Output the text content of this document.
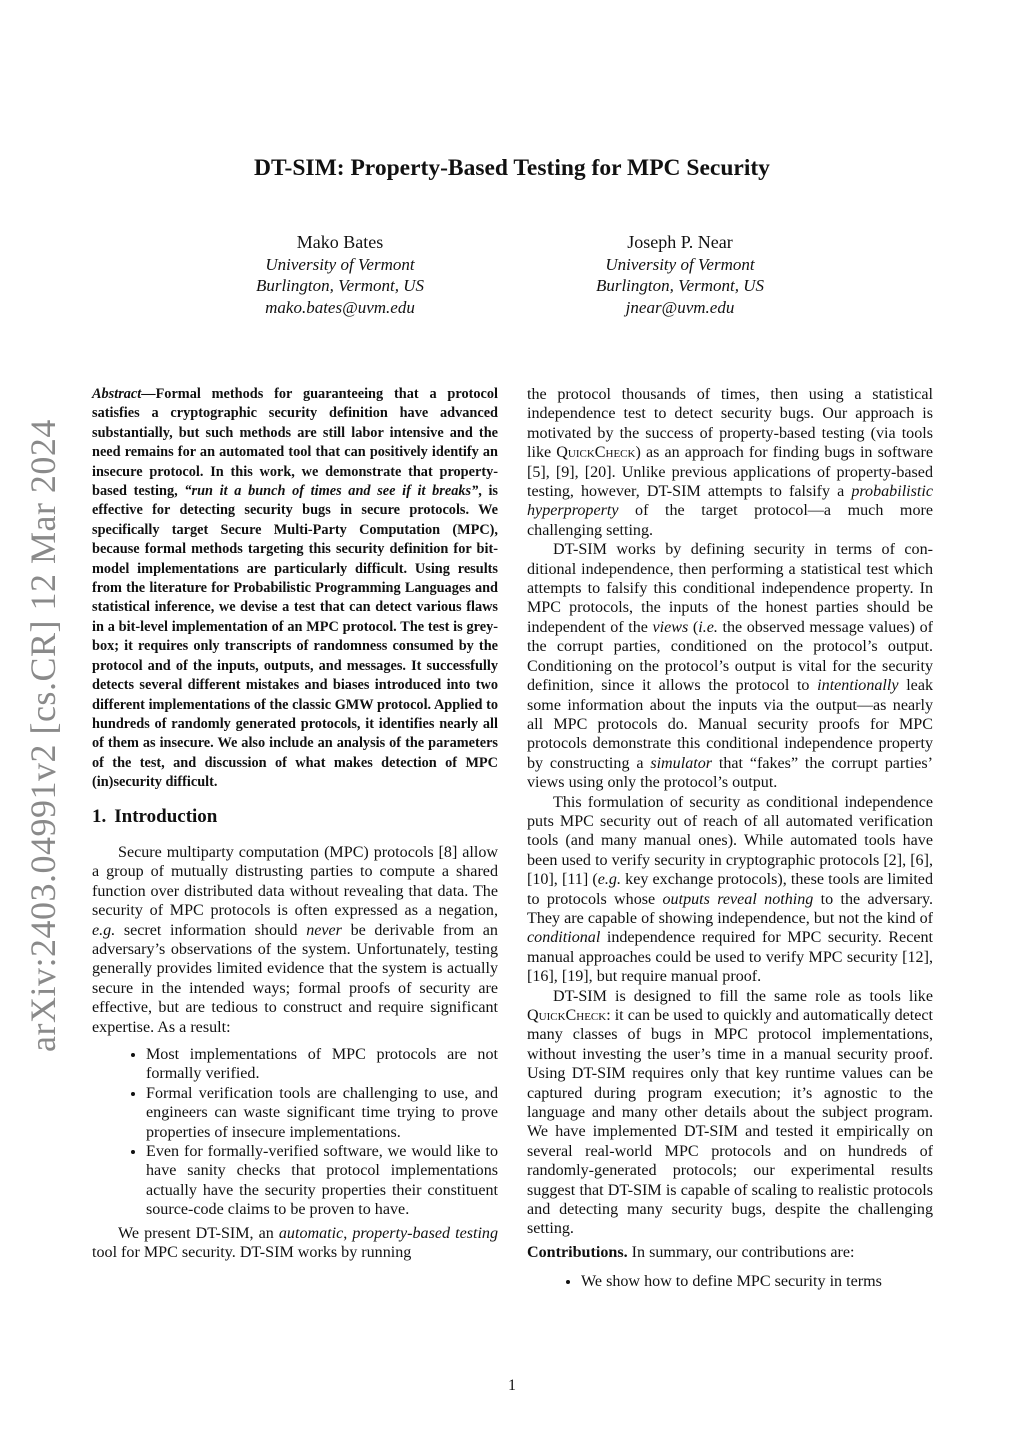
arXiv:2403.04991v2 [cs.CR] 12 Mar 2024
DT-SIM: Property-Based Testing for MPC Security
Mako Bates
University of Vermont
Burlington, Vermont, US
mako.bates@uvm.edu
Joseph P. Near
University of Vermont
Burlington, Vermont, US
jnear@uvm.edu

Abstract—Formal methods for guaranteeing that a protocol satisfies a cryptographic security definition have advanced substantially, but such methods are still labor intensive and the need remains for an automated tool that can positively identify an insecure protocol. In this work, we demonstrate that property-based testing, “run it a bunch of times and see if it breaks”, is effective for detecting security bugs in secure protocols. We specifically target Secure Multi-Party Computation (MPC), because formal methods targeting this security definition for bit-model implementations are particularly difficult. Using results from the literature for Probabilistic Programming Languages and statistical inference, we devise a test that can detect various flaws in a bit-level implementation of an MPC protocol. The test is grey-box; it requires only transcripts of randomness consumed by the protocol and of the inputs, outputs, and messages. It successfully detects several different mistakes and biases introduced into two different implementations of the classic GMW protocol. Applied to hundreds of randomly generated protocols, it identifies nearly all of them as insecure. We also include an analysis of the parameters of the test, and discussion of what makes detection of MPC (in)security difficult.

1. Introduction

Secure multiparty computation (MPC) protocols [8] allow a group of mutually distrusting parties to compute a shared function over distributed data without revealing that data. The security of MPC protocols is often expressed as a negation, e.g. secret information should never be derivable from an adversary’s observations of the system. Unfortunately, testing generally provides limited evidence that the system is actually secure in the intended ways; formal proofs of security are effective, but are tedious to construct and require significant expertise. As a result:

• Most implementations of MPC protocols are not formally verified.
• Formal verification tools are challenging to use, and engineers can waste significant time trying to prove properties of insecure implementations.
• Even for formally-verified software, we would like to have sanity checks that protocol implementations actually have the security properties their constituent source-code claims to be proven to have.

We present DT-SIM, an automatic, property-based testing tool for MPC security. DT-SIM works by running

the protocol thousands of times, then using a statistical independence test to detect security bugs. Our approach is motivated by the success of property-based testing (via tools like QuickCheck) as an approach for finding bugs in software [5], [9], [20]. Unlike previous applications of property-based testing, however, DT-SIM attempts to falsify a probabilistic hyperproperty of the target protocol—a much more challenging setting.

DT-SIM works by defining security in terms of conditional independence, then performing a statistical test which attempts to falsify this conditional independence property. In MPC protocols, the inputs of the honest parties should be independent of the views (i.e. the observed message values) of the corrupt parties, conditioned on the protocol’s output. Conditioning on the protocol’s output is vital for the security definition, since it allows the protocol to intentionally leak some information about the inputs via the output—as nearly all MPC protocols do. Manual security proofs for MPC protocols demonstrate this conditional independence property by constructing a simulator that “fakes” the corrupt parties’ views using only the protocol’s output.

This formulation of security as conditional independence puts MPC security out of reach of all automated verification tools (and many manual ones). While automated tools have been used to verify security in cryptographic protocols [2], [6], [10], [11] (e.g. key exchange protocols), these tools are limited to protocols whose outputs reveal nothing to the adversary. They are capable of showing independence, but not the kind of conditional independence required for MPC security. Recent manual approaches could be used to verify MPC security [12], [16], [19], but require manual proof.

DT-SIM is designed to fill the same role as tools like QuickCheck: it can be used to quickly and automatically detect many classes of bugs in MPC protocol implementations, without investing the user’s time in a manual security proof. Using DT-SIM requires only that key runtime values can be captured during program execution; it’s agnostic to the language and many other details about the subject program. We have implemented DT-SIM and tested it empirically on several real-world MPC protocols and on hundreds of randomly-generated protocols; our experimental results suggest that DT-SIM is capable of scaling to realistic protocols and detecting many security bugs, despite the challenging setting.

Contributions. In summary, our contributions are:

• We show how to define MPC security in terms
1
